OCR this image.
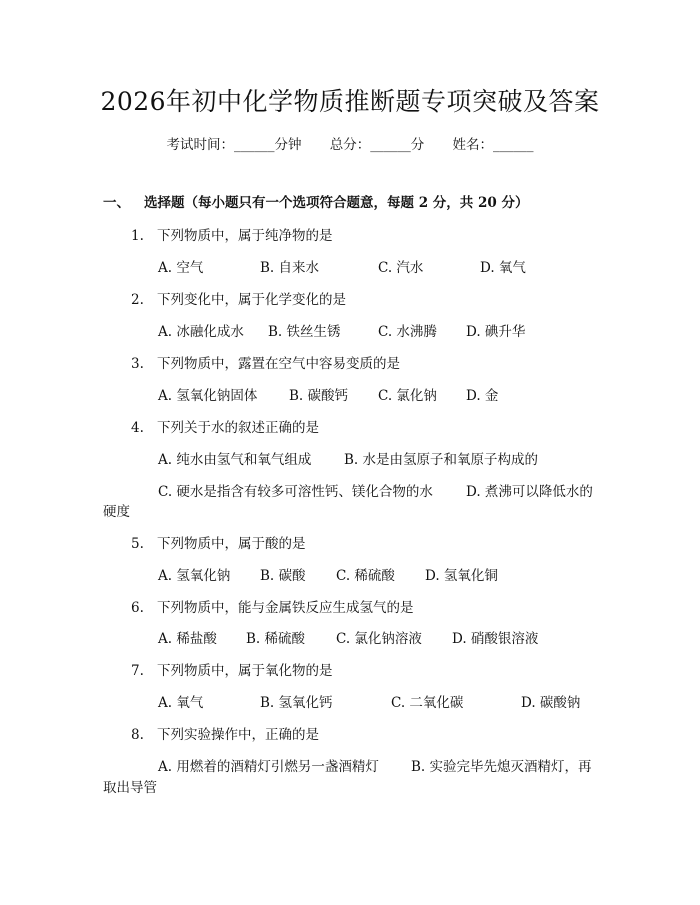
2026年初中化学物质推断题专项突破及答案
考试时间：______分钟 总分：______分 姓名：______
一、 选择题（每小题只有一个选项符合题意，每题 2 分，共 20 分）
1. 下列物质中，属于纯净物的是
A. 空气	B. 自来水	C. 汽水	D. 氧气
2. 下列变化中，属于化学变化的是
A. 冰融化成水 B. 铁丝生锈	C. 水沸腾 D. 碘升华
3. 下列物质中，露置在空气中容易变质的是
A. 氢氧化钠固体 B. 碳酸钙 C. 氯化钠 D. 金
4. 下列关于水的叙述正确的是
A. 纯水由氢气和氧气组成 B. 水是由氢原子和氧原子构成的
C. 硬水是指含有较多可溶性钙、镁化合物的水 D. 煮沸可以降低水的
硬度
5. 下列物质中，属于酸的是
A. 氢氧化钠 B. 碳酸 C. 稀硫酸 D. 氢氧化铜
6. 下列物质中，能与金属铁反应生成氢气的是
A. 稀盐酸 B. 稀硫酸 C. 氯化钠溶液 D. 硝酸银溶液
7. 下列物质中，属于氧化物的是
A. 氧气	B. 氢氧化钙	C. 二氧化碳	D. 碳酸钠
8. 下列实验操作中，正确的是
A. 用燃着的酒精灯引燃另一盏酒精灯 B. 实验完毕先熄灭酒精灯，再
取出导管
